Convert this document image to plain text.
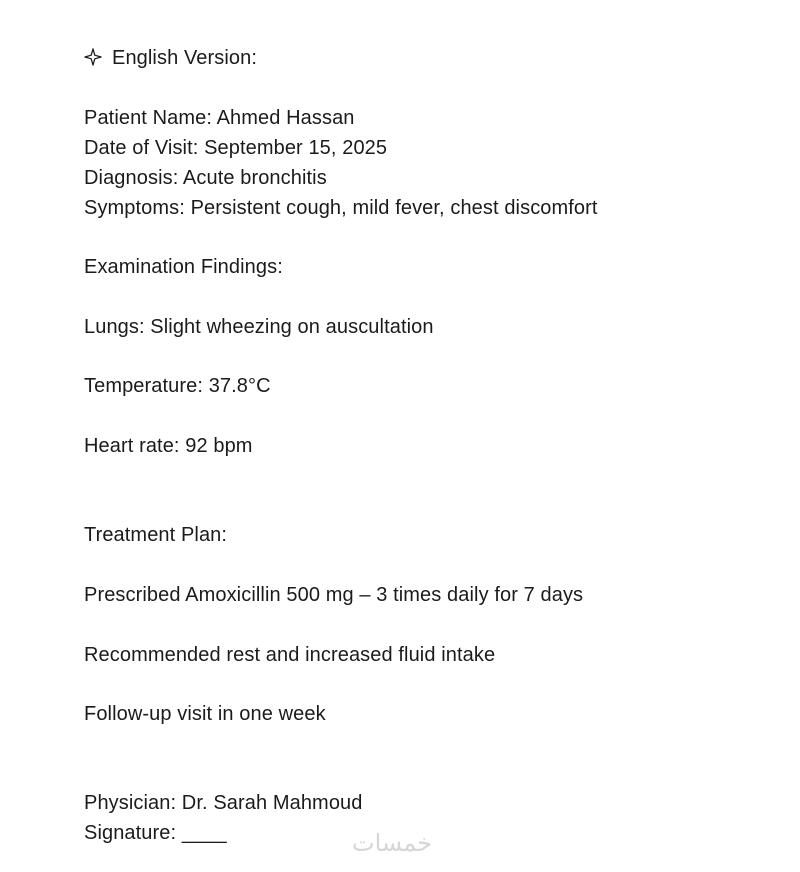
English Version:
Patient Name: Ahmed Hassan
Date of Visit: September 15, 2025
Diagnosis: Acute bronchitis
Symptoms: Persistent cough, mild fever, chest discomfort
Examination Findings:
Lungs: Slight wheezing on auscultation
Temperature: 37.8°C
Heart rate: 92 bpm
Treatment Plan:
Prescribed Amoxicillin 500 mg – 3 times daily for 7 days
Recommended rest and increased fluid intake
Follow-up visit in one week
Physician: Dr. Sarah Mahmoud
Signature: ____	خمسات
